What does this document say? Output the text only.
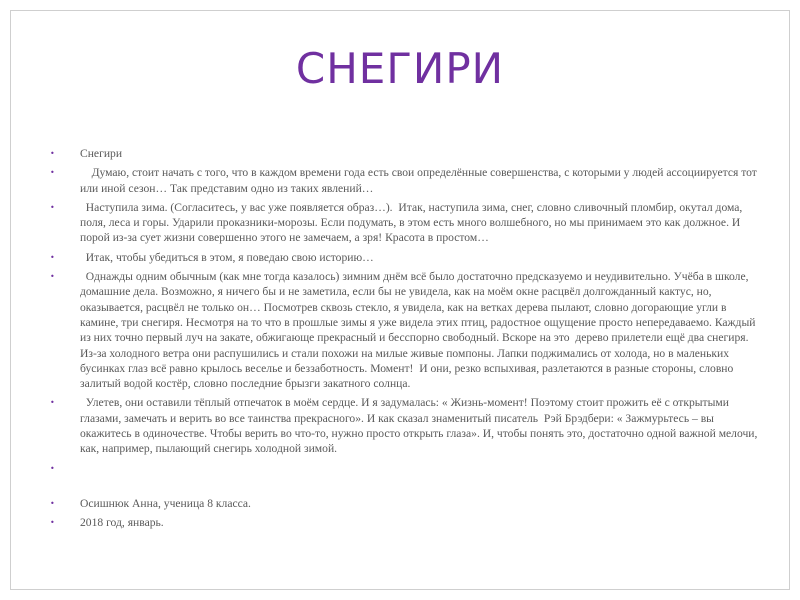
СНЕГИРИ
• Снегири
• Думаю, стоит начать с того, что в каждом времени года есть свои определённые совершенства, с которыми у людей ассоциируется тот или иной сезон… Так представим одно из таких явлений…
• Наступила зима. (Согласитесь, у вас уже появляется образ…).  Итак, наступила зима, снег, словно сливочный пломбир, окутал дома, поля, леса и горы. Ударили проказники-морозы. Если подумать, в этом есть много волшебного, но мы принимаем это как должное. И порой из-за сует жизни совершенно этого не замечаем, а зря! Красота в простом…
• Итак, чтобы убедиться в этом, я поведаю свою историю…
• Однажды одним обычным (как мне тогда казалось) зимним днём всё было достаточно предсказуемо и неудивительно. Учёба в школе, домашние дела. Возможно, я ничего бы и не заметила, если бы не увидела, как на моём окне расцвёл долгожданный кактус, но, оказывается, расцвёл не только он… Посмотрев сквозь стекло, я увидела, как на ветках дерева пылают, словно догорающие угли в камине, три снегиря. Несмотря на то что в прошлые зимы я уже видела этих птиц, радостное ощущение просто непередаваемо. Каждый из них точно первый луч на закате, обжигающе прекрасный и бесспорно свободный. Вскоре на это  дерево прилетели ещё два снегиря. Из-за холодного ветра они распушились и стали похожи на милые живые помпоны. Лапки поджимались от холода, но в маленьких бусинках глаз всё равно крылось веселье и беззаботность. Момент!  И они, резко вспыхивая, разлетаются в разные стороны, словно залитый водой костёр, словно последние брызги закатного солнца.
• Улетев, они оставили тёплый отпечаток в моём сердце. И я задумалась: « Жизнь-момент! Поэтому стоит прожить её с открытыми глазами, замечать и верить во все таинства прекрасного». И как сказал знаменитый писатель  Рэй Брэдбери: « Зажмурьтесь – вы окажитесь в одиночестве. Чтобы верить во что-то, нужно просто открыть глаза». И, чтобы понять это, достаточно одной важной мелочи, как, например, пылающий снегирь холодной зимой.
•
• Осишнюк Анна, ученица 8 класса.
• 2018 год, январь.
